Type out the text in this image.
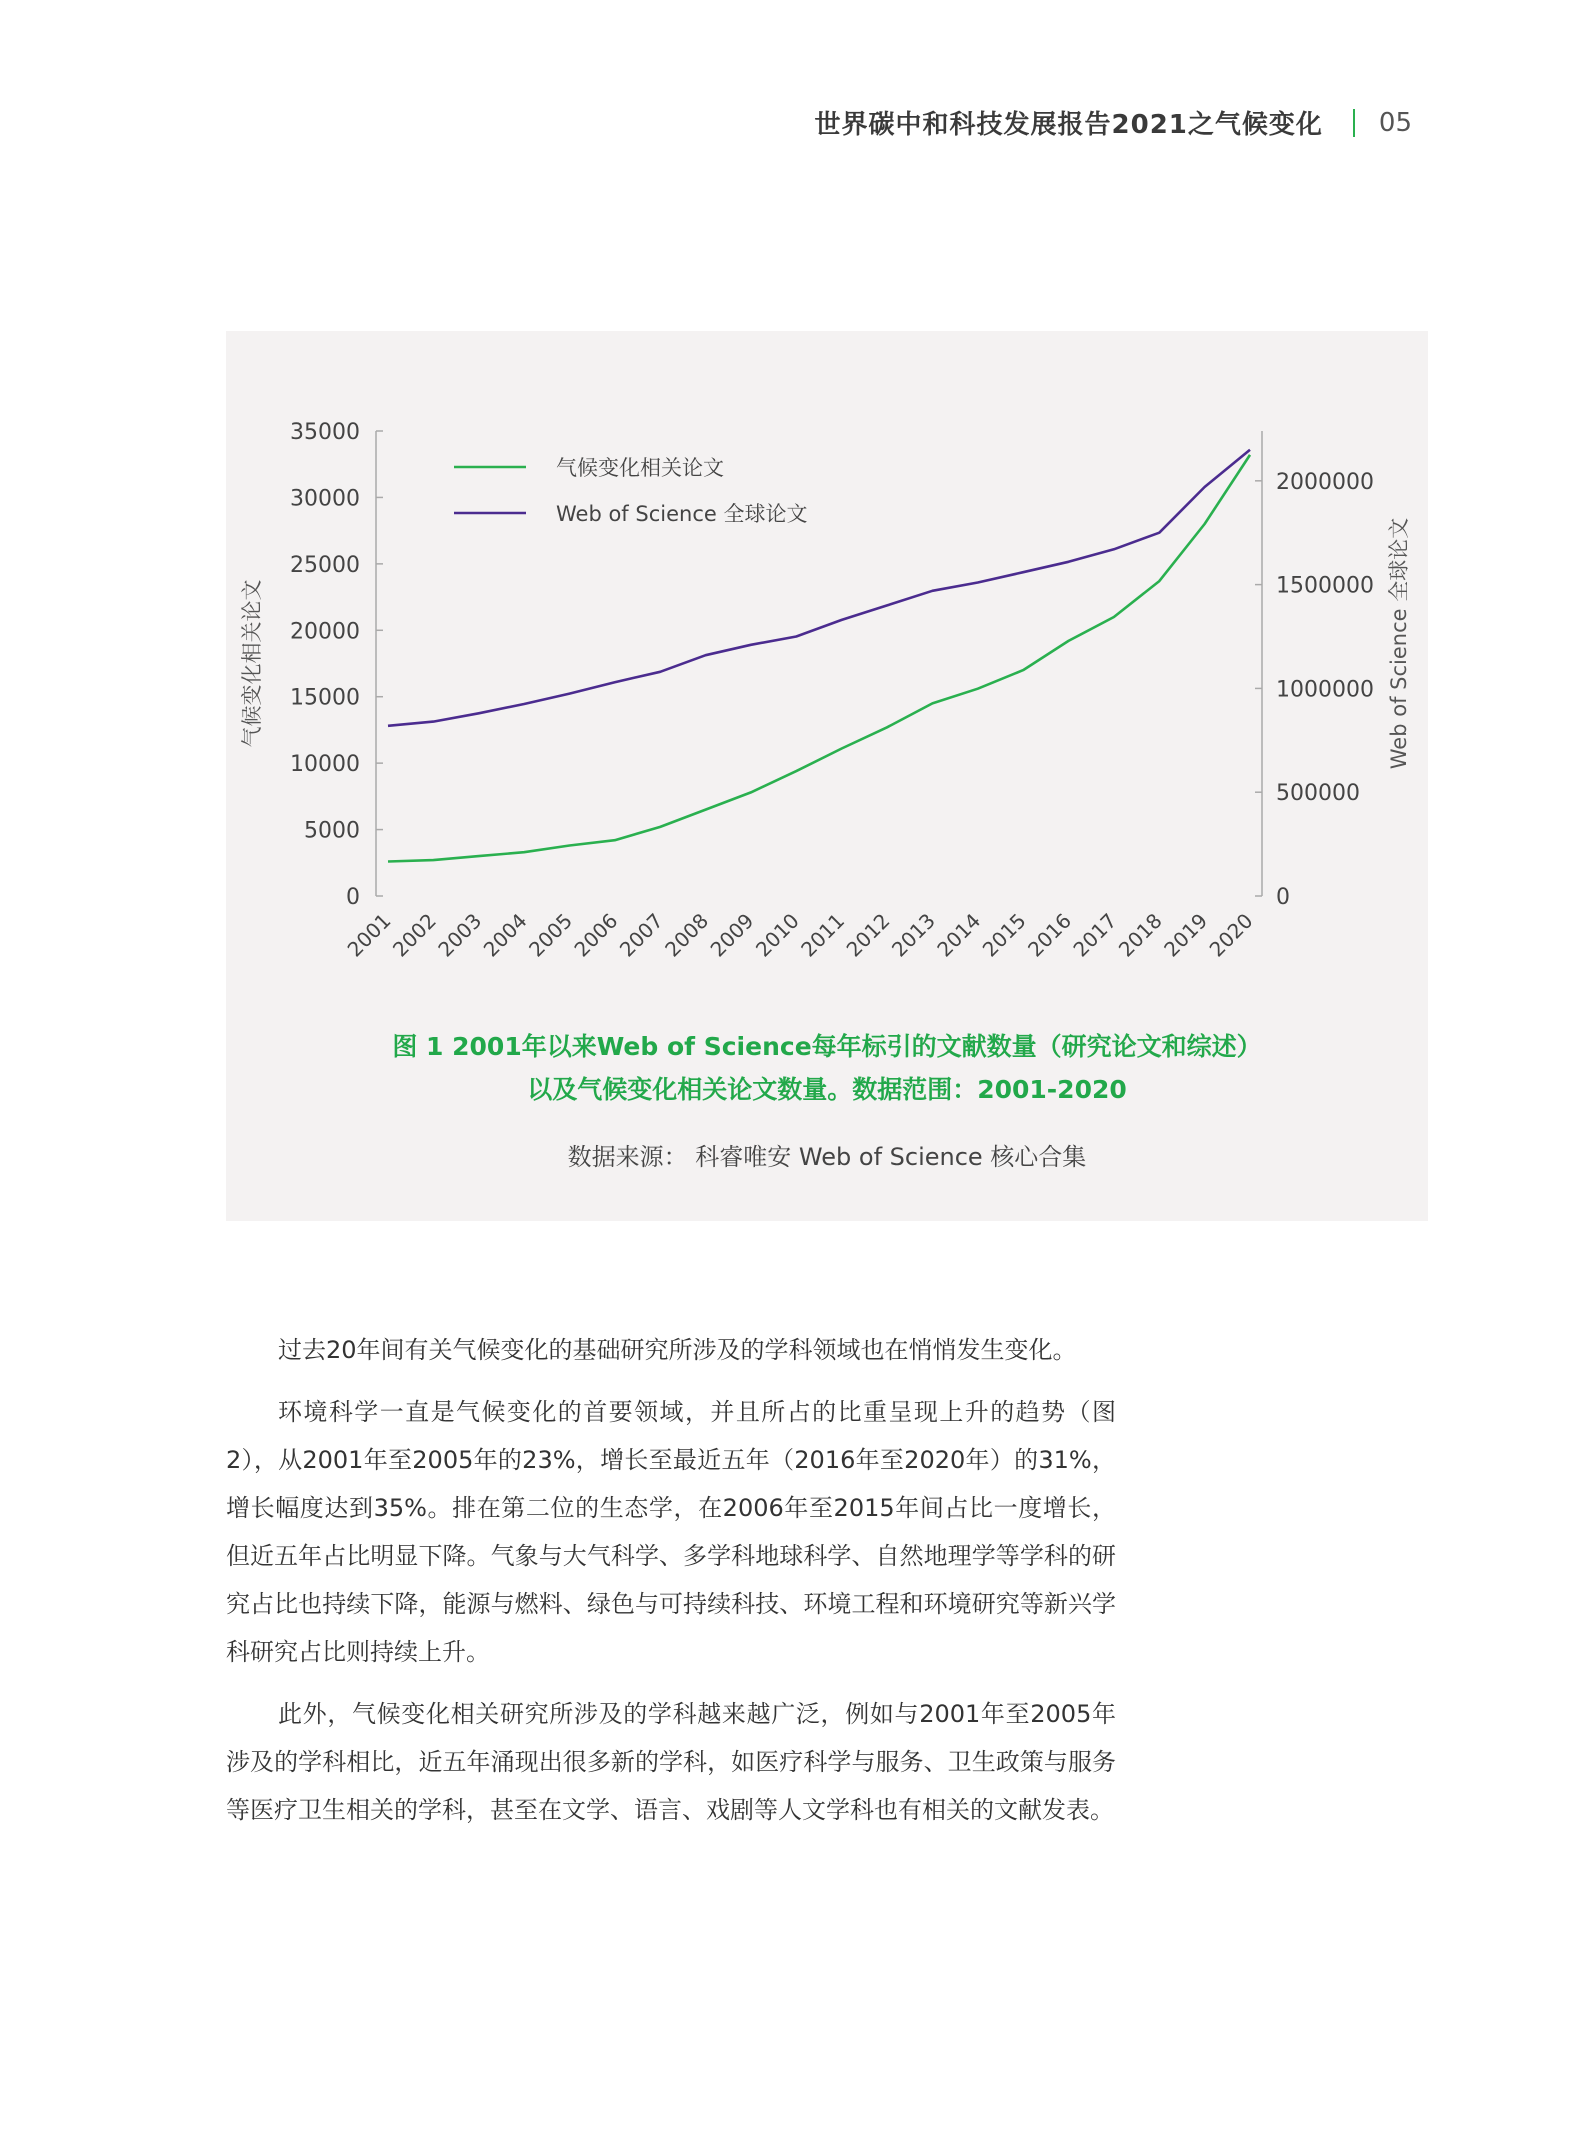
世界碳中和科技发展报告2021之气候变化 05
0
5000
10000
15000
20000
25000
30000
35000
0
500000
1000000
1500000
2000000
2001
2002
2003
2004
2005
2006
2007
2008
2009
2010
2011
2012
2013
2014
2015
2016
2017
2018
2019
2020
气候变化相关论文	Web of Science 全球论文
气候变化相关论文
Web of Science 全球论文
图 1 2001年以来Web of Science每年标引的文献数量（研究论文和综述）
以及气候变化相关论文数量。数据范围：2001-2020
数据来源： 科睿唯安 Web of Science 核心合集

过去20年间有关气候变化的基础研究所涉及的学科领域也在悄悄发生变化。

环境科学一直是气候变化的首要领域，并且所占的比重呈现上升的趋势（图2），从2001年至2005年的23%，增长至最近五年（2016年至2020年）的31%，增长幅度达到35%。排在第二位的生态学，在2006年至2015年间占比一度增长，但近五年占比明显下降。气象与大气科学、多学科地球科学、自然地理学等学科的研究占比也持续下降，能源与燃料、绿色与可持续科技、环境工程和环境研究等新兴学科研究占比则持续上升。

此外，气候变化相关研究所涉及的学科越来越广泛，例如与2001年至2005年涉及的学科相比，近五年涌现出很多新的学科，如医疗科学与服务、卫生政策与服务等医疗卫生相关的学科，甚至在文学、语言、戏剧等人文学科也有相关的文献发表。
